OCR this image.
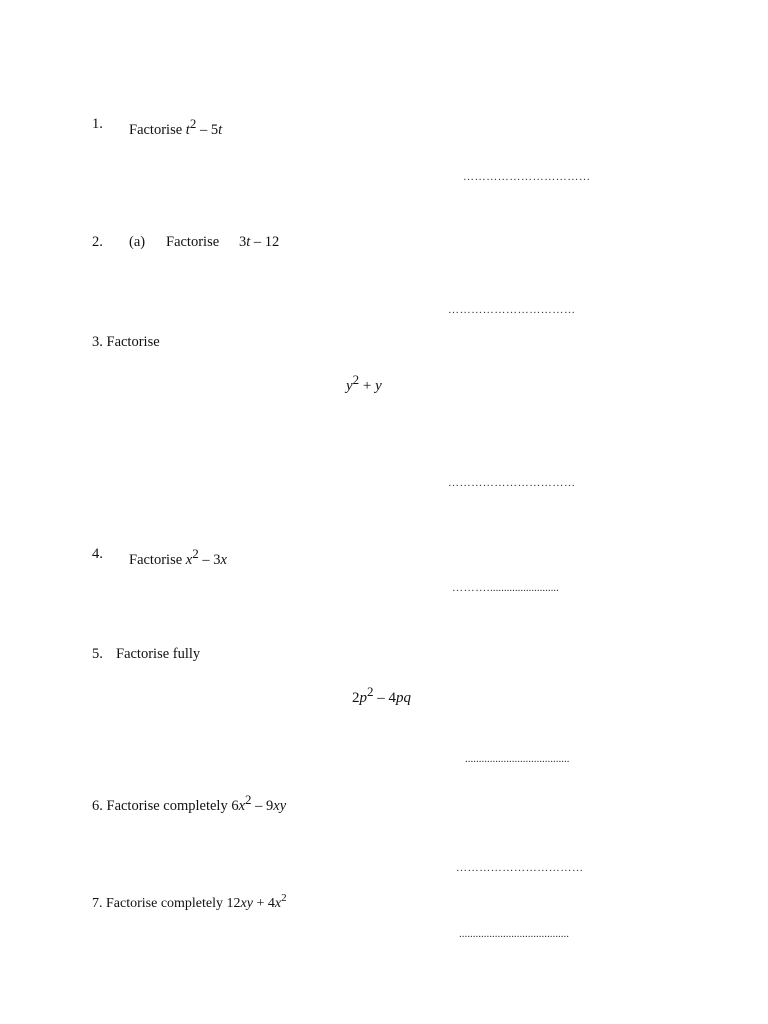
1. Factorise t2 – 5t
……………………………
2. (a) Factorise 3t – 12
……………………………
3. Factorise
y2 + y
……………………………
4. Factorise x2 – 3x
………..........................
5. Factorise fully
2p2 – 4pq
......................................
6. Factorise completely 6x2 – 9xy
……………………………
7. Factorise completely $12xy + 4x^2$
........................................
